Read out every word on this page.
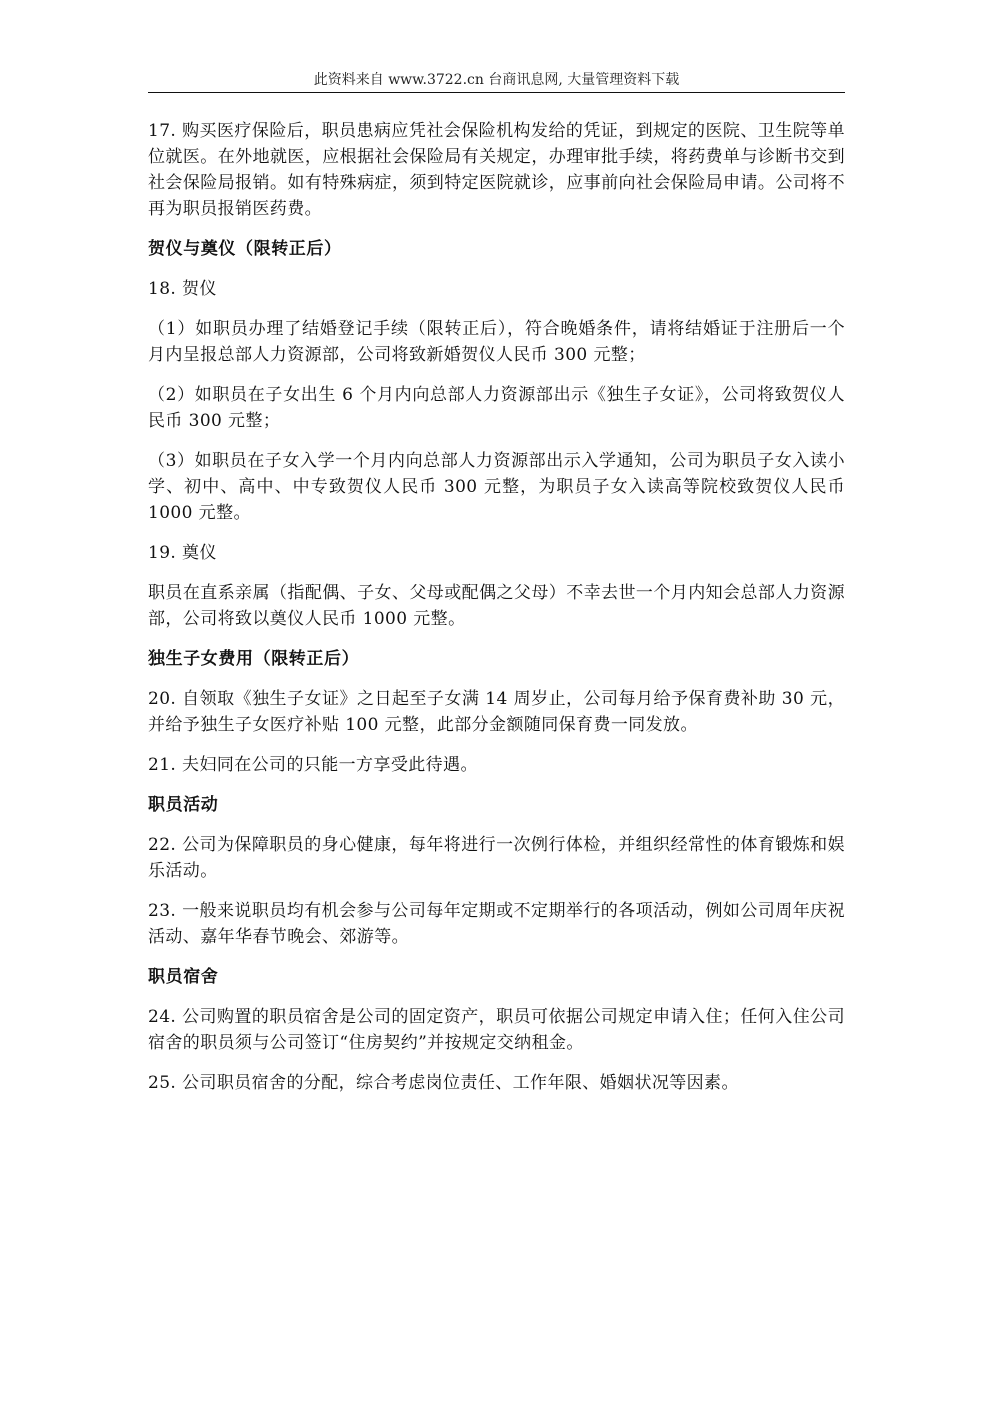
此资料来自 www.3722.cn 台商讯息网, 大量管理资料下载

17. 购买医疗保险后，职员患病应凭社会保险机构发给的凭证，到规定的医院、卫生院等单位就医。在外地就医，应根据社会保险局有关规定，办理审批手续，将药费单与诊断书交到社会保险局报销。如有特殊病症，须到特定医院就诊，应事前向社会保险局申请。公司将不再为职员报销医药费。

贺仪与奠仪（限转正后）

18. 贺仪

（1）如职员办理了结婚登记手续（限转正后），符合晚婚条件，请将结婚证于注册后一个月内呈报总部人力资源部，公司将致新婚贺仪人民币 300 元整；

（2）如职员在子女出生 6 个月内向总部人力资源部出示《独生子女证》，公司将致贺仪人民币 300 元整；

（3）如职员在子女入学一个月内向总部人力资源部出示入学通知，公司为职员子女入读小学、初中、高中、中专致贺仪人民币 300 元整，为职员子女入读高等院校致贺仪人民币 1000 元整。

19. 奠仪

职员在直系亲属（指配偶、子女、父母或配偶之父母）不幸去世一个月内知会总部人力资源部，公司将致以奠仪人民币 1000 元整。

独生子女费用（限转正后）

20. 自领取《独生子女证》之日起至子女满 14 周岁止，公司每月给予保育费补助 30 元，并给予独生子女医疗补贴 100 元整，此部分金额随同保育费一同发放。

21. 夫妇同在公司的只能一方享受此待遇。

职员活动

22. 公司为保障职员的身心健康，每年将进行一次例行体检，并组织经常性的体育锻炼和娱乐活动。

23. 一般来说职员均有机会参与公司每年定期或不定期举行的各项活动，例如公司周年庆祝活动、嘉年华春节晚会、郊游等。

职员宿舍

24. 公司购置的职员宿舍是公司的固定资产，职员可依据公司规定申请入住；任何入住公司宿舍的职员须与公司签订“住房契约”并按规定交纳租金。

25. 公司职员宿舍的分配，综合考虑岗位责任、工作年限、婚姻状况等因素。
